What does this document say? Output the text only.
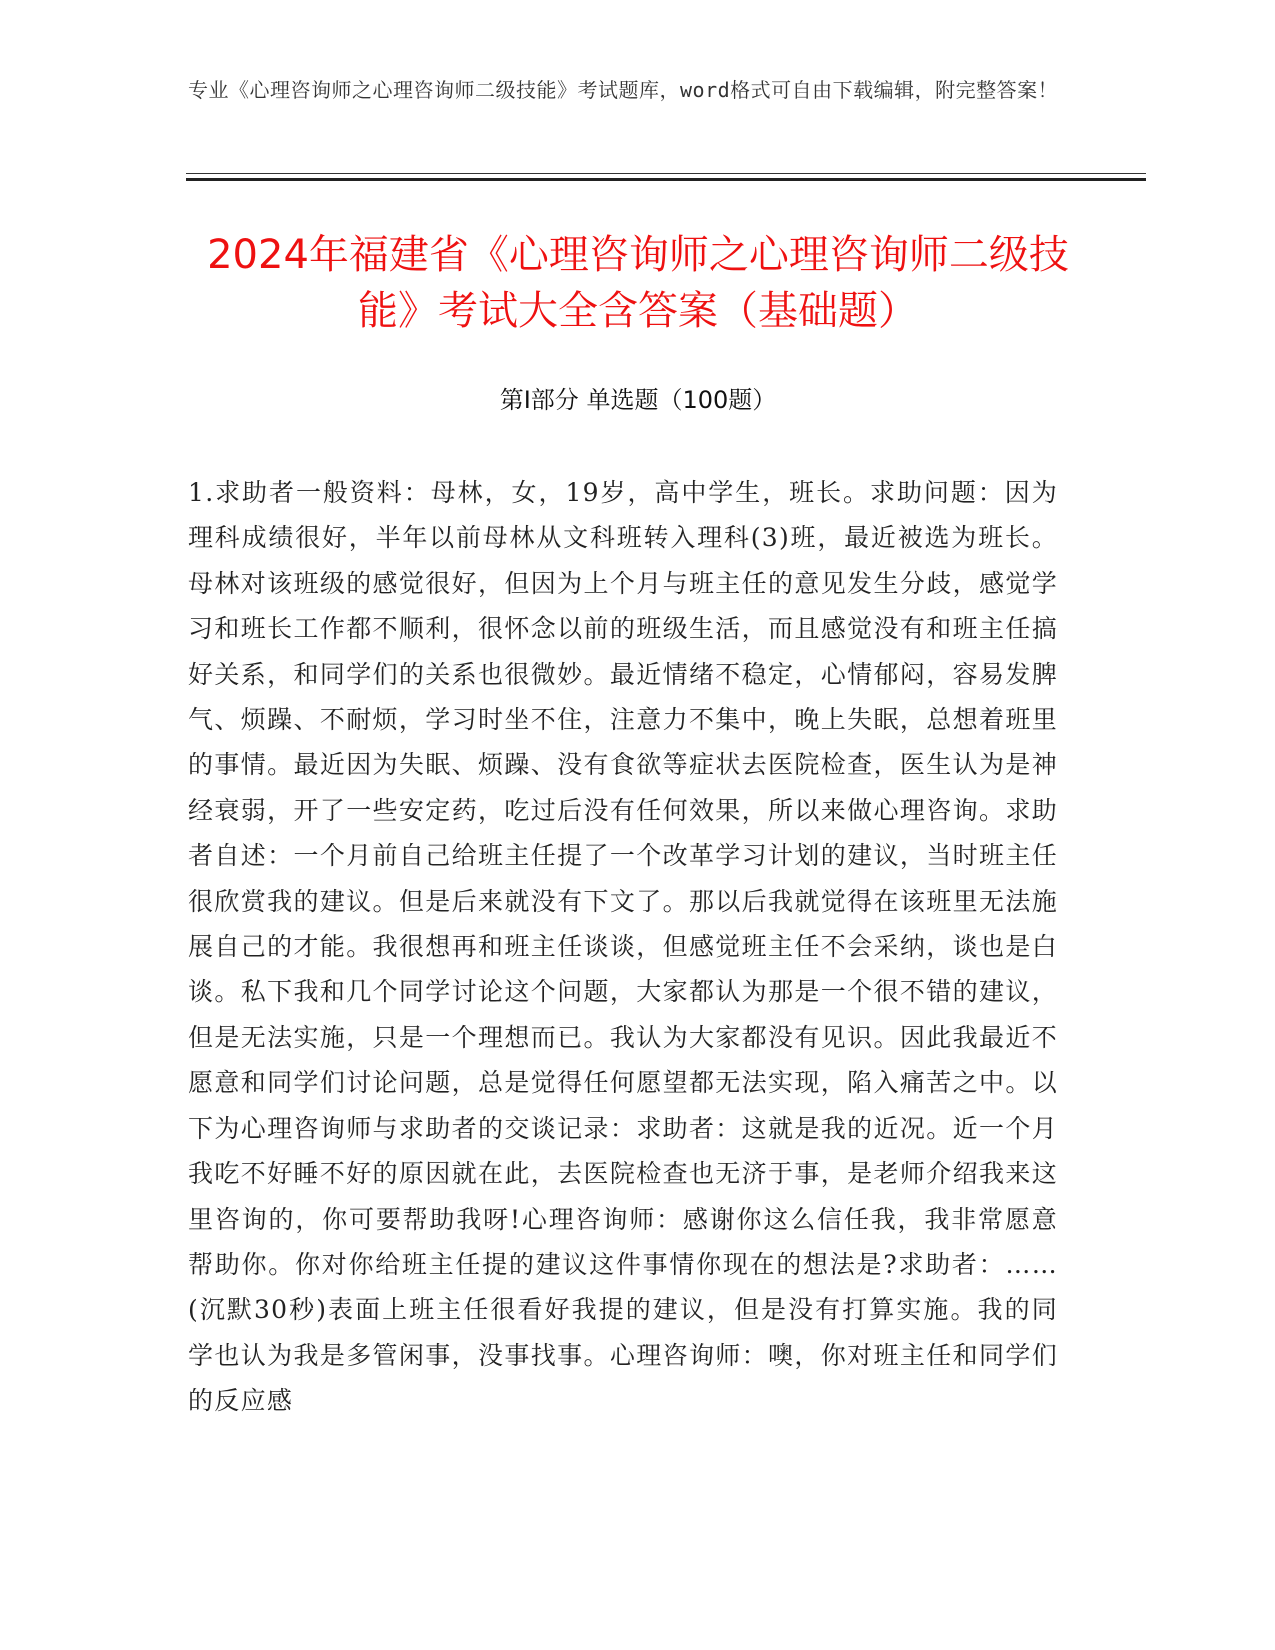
专业《心理咨询师之心理咨询师二级技能》考试题库，word格式可自由下载编辑，附完整答案！
2024年福建省《心理咨询师之心理咨询师二级技能》考试大全含答案（基础题）
第Ⅰ部分 单选题（100题）
1.求助者一般资料：母林，女，19岁，高中学生，班长。求助问题：因为理科成绩很好，半年以前母林从文科班转入理科(3)班，最近被选为班长。母林对该班级的感觉很好，但因为上个月与班主任的意见发生分歧，感觉学习和班长工作都不顺利，很怀念以前的班级生活，而且感觉没有和班主任搞好关系，和同学们的关系也很微妙。最近情绪不稳定，心情郁闷，容易发脾气、烦躁、不耐烦，学习时坐不住，注意力不集中，晚上失眠，总想着班里的事情。最近因为失眠、烦躁、没有食欲等症状去医院检查，医生认为是神经衰弱，开了一些安定药，吃过后没有任何效果，所以来做心理咨询。求助者自述：一个月前自己给班主任提了一个改革学习计划的建议，当时班主任很欣赏我的建议。但是后来就没有下文了。那以后我就觉得在该班里无法施展自己的才能。我很想再和班主任谈谈，但感觉班主任不会采纳，谈也是白谈。私下我和几个同学讨论这个问题，大家都认为那是一个很不错的建议，但是无法实施，只是一个理想而已。我认为大家都没有见识。因此我最近不愿意和同学们讨论问题，总是觉得任何愿望都无法实现，陷入痛苦之中。以下为心理咨询师与求助者的交谈记录：求助者：这就是我的近况。近一个月我吃不好睡不好的原因就在此，去医院检查也无济于事，是老师介绍我来这里咨询的，你可要帮助我呀!心理咨询师：感谢你这么信任我，我非常愿意帮助你。你对你给班主任提的建议这件事情你现在的想法是?求助者：……(沉默30秒)表面上班主任很看好我提的建议，但是没有打算实施。我的同学也认为我是多管闲事，没事找事。心理咨询师：噢，你对班主任和同学们的反应感
